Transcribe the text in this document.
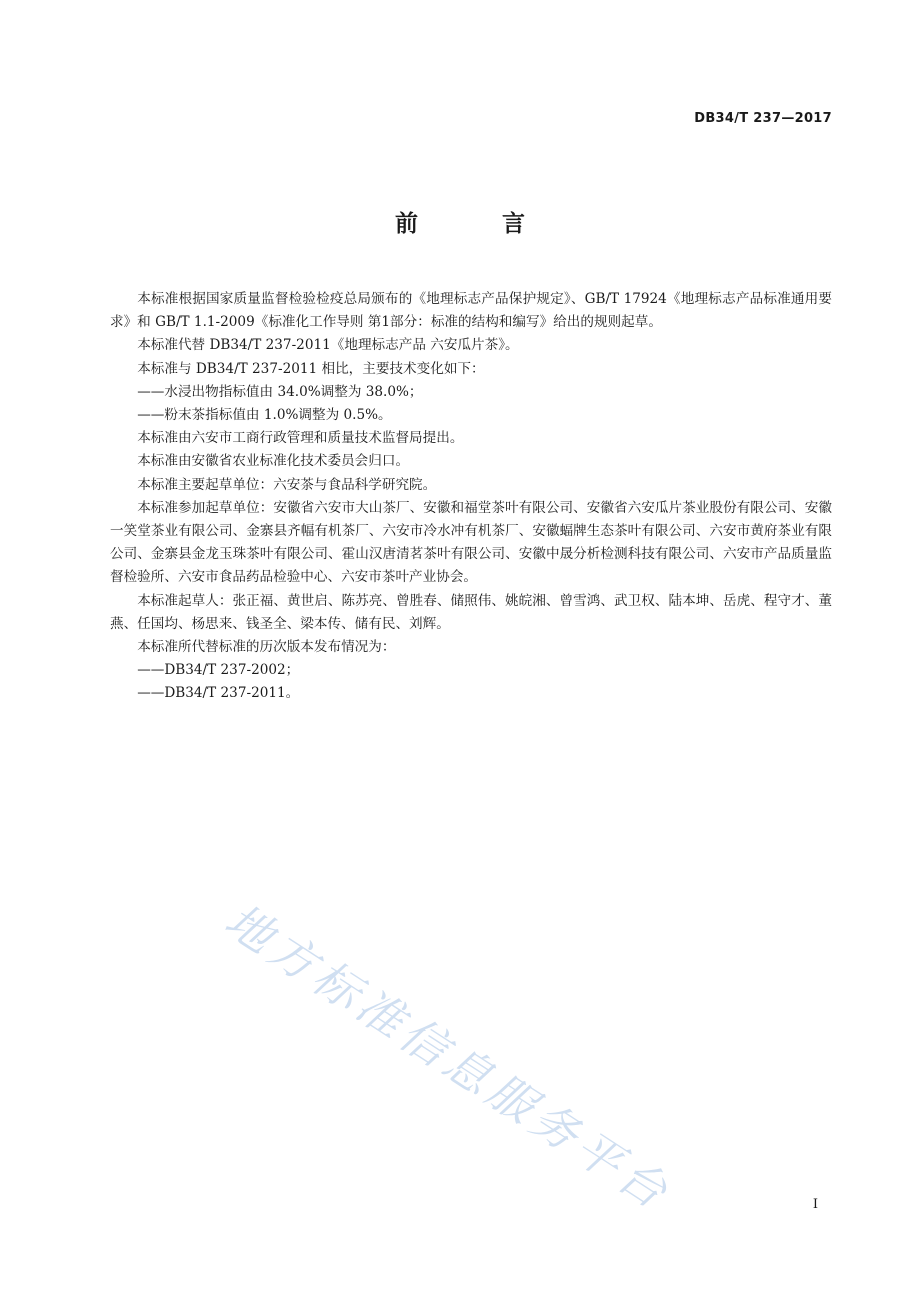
DB34/T 237—2017
前 言

本标准根据国家质量监督检验检疫总局颁布的《地理标志产品保护规定》、GB/T 17924《地理标志产品标准通用要求》和 GB/T 1.1-2009《标准化工作导则 第1部分：标准的结构和编写》给出的规则起草。

本标准代替 DB34/T 237-2011《地理标志产品 六安瓜片茶》。

本标准与 DB34/T 237-2011 相比，主要技术变化如下：

——水浸出物指标值由 34.0%调整为 38.0%；

——粉末茶指标值由 1.0%调整为 0.5%。

本标准由六安市工商行政管理和质量技术监督局提出。

本标准由安徽省农业标准化技术委员会归口。

本标准主要起草单位：六安茶与食品科学研究院。

本标准参加起草单位：安徽省六安市大山茶厂、安徽和福堂茶叶有限公司、安徽省六安瓜片茶业股份有限公司、安徽一笑堂茶业有限公司、金寨县齐幅有机茶厂、六安市冷水冲有机茶厂、安徽蝠牌生态茶叶有限公司、六安市黄府茶业有限公司、金寨县金龙玉珠茶叶有限公司、霍山汉唐清茗茶叶有限公司、安徽中晟分析检测科技有限公司、六安市产品质量监督检验所、六安市食品药品检验中心、六安市茶叶产业协会。

本标准起草人：张正福、黄世启、陈苏亮、曾胜春、储照伟、姚皖湘、曾雪鸿、武卫权、陆本坤、岳虎、程守才、董燕、任国均、杨思来、钱圣全、梁本传、储有民、刘辉。

本标准所代替标准的历次版本发布情况为：

——DB34/T 237-2002；

——DB34/T 237-2011。

地方标准信息服务平台	I
